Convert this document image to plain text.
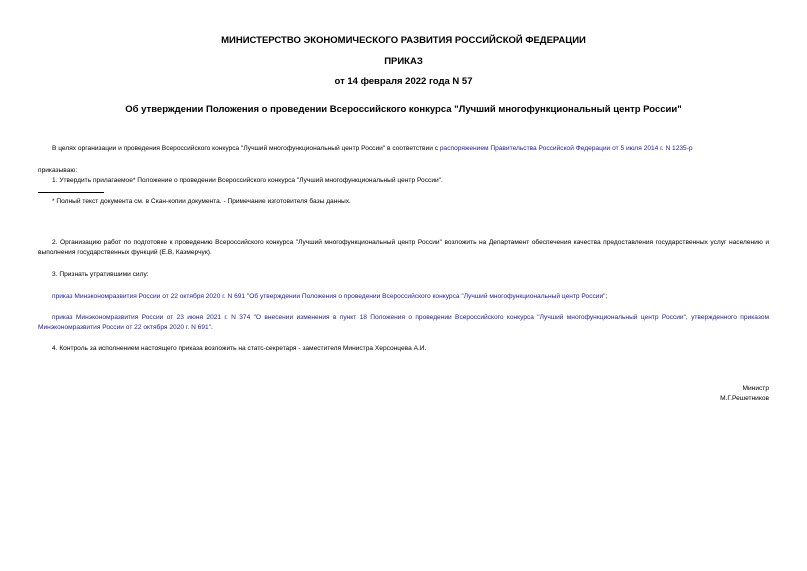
МИНИСТЕРСТВО ЭКОНОМИЧЕСКОГО РАЗВИТИЯ РОССИЙСКОЙ ФЕДЕРАЦИИ
ПРИКАЗ
от 14 февраля 2022 года N 57
Об утверждении Положения о проведении Всероссийского конкурса "Лучший многофункциональный центр России"
В целях организации и проведения Всероссийского конкурса "Лучший многофункциональный центр России" в соответствии с распоряжением Правительства Российской Федерации от 5 июля 2014 г. N 1235-р
приказываю:
1. Утвердить прилагаемое* Положение о проведении Всероссийского конкурса "Лучший многофункциональный центр России".
* Полный текст документа см. в Скан-копии документа. - Примечание изготовителя базы данных.
2. Организацию работ по подготовке к проведению Всероссийского конкурса "Лучший многофункциональный центр России" возложить на Департамент обеспечения качества предоставления государственных услуг населению и выполнения государственных функций (Е.В. Казмерчук).
3. Признать утратившими силу:
приказ Минэкономразвития России от 22 октября 2020 г. N 691 "Об утверждении Положения о проведении Всероссийского конкурса "Лучший многофункциональный центр России";
приказ Минэкономразвития России от 23 июня 2021 г. N 374 "О внесении изменения в пункт 18 Положения о проведении Всероссийского конкурса "Лучший многофункциональный центр России", утвержденного приказом Минэкономразвития России от 22 октября 2020 г. N 691".
4. Контроль за исполнением настоящего приказа возложить на статс-секретаря - заместителя Министра Херсонцева А.И.
Министр
М.Г.Решетников
